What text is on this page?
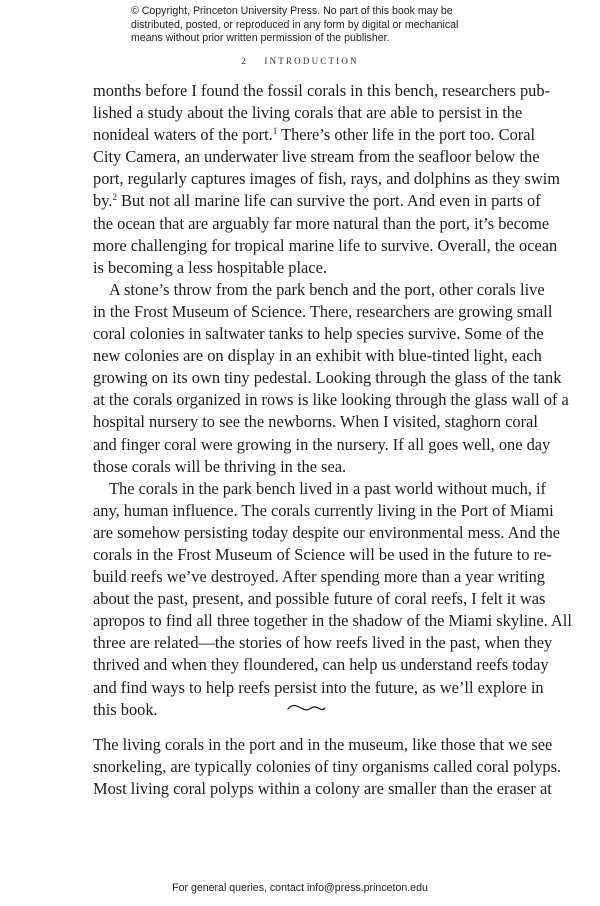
© Copyright, Princeton University Press. No part of this book may be distributed, posted, or reproduced in any form by digital or mechanical means without prior written permission of the publisher.
2 INTRODUCTION
months before I found the fossil corals in this bench, researchers pub-
lished a study about the living corals that are able to persist in the
nonideal waters of the port.$^1$ There’s other life in the port too. Coral
City Camera, an underwater live stream from the seafloor below the
port, regularly captures images of fish, rays, and dolphins as they swim
by.$^2$ But not all marine life can survive the port. And even in parts of
the ocean that are arguably far more natural than the port, it’s become
more challenging for tropical marine life to survive. Overall, the ocean
is becoming a less hospitable place.
A stone’s throw from the park bench and the port, other corals live
in the Frost Museum of Science. There, researchers are growing small
coral colonies in saltwater tanks to help species survive. Some of the
new colonies are on display in an exhibit with blue-tinted light, each
growing on its own tiny pedestal. Looking through the glass of the tank
at the corals organized in rows is like looking through the glass wall of a
hospital nursery to see the newborns. When I visited, staghorn coral
and finger coral were growing in the nursery. If all goes well, one day
those corals will be thriving in the sea.
The corals in the park bench lived in a past world without much, if
any, human influence. The corals currently living in the Port of Miami
are somehow persisting today despite our environmental mess. And the
corals in the Frost Museum of Science will be used in the future to re-
build reefs we’ve destroyed. After spending more than a year writing
about the past, present, and possible future of coral reefs, I felt it was
apropos to find all three together in the shadow of the Miami skyline. All
three are related—the stories of how reefs lived in the past, when they
thrived and when they floundered, can help us understand reefs today
and find ways to help reefs persist into the future, as we’ll explore in
this book.
The living corals in the port and in the museum, like those that we see
snorkeling, are typically colonies of tiny organisms called coral polyps.
Most living coral polyps within a colony are smaller than the eraser at
For general queries, contact info@press.princeton.edu
